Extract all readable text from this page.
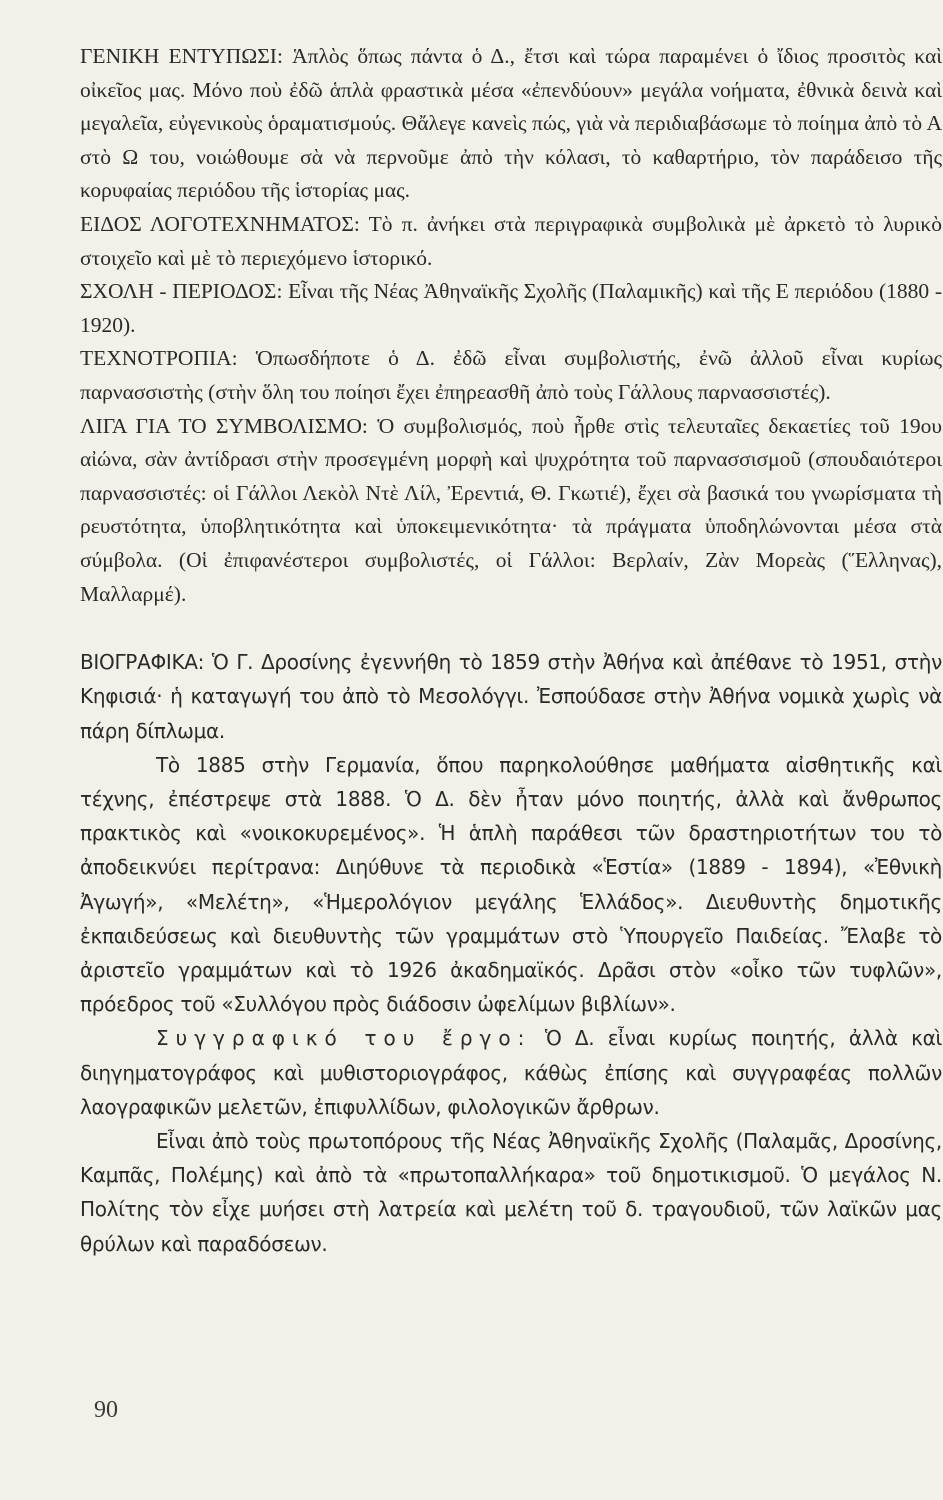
ΓΕΝΙΚΗ ΕΝΤΥΠΩΣΙ: Ἁπλὸς ὅπως πάντα ὁ Δ., ἔτσι καὶ τώρα παραμένει ὁ ἴδιος προσιτὸς καὶ οἰκεῖος μας. Μόνο ποὺ ἐδῶ ἁπλὰ φραστικὰ μέσα «ἐπενδύουν» μεγάλα νοήματα, ἐθνικὰ δεινὰ καὶ μεγαλεῖα, εὐγενικοὺς ὁραματισμούς. Θἄλεγε κανεὶς πώς, γιὰ νὰ περιδιαβάσωμε τὸ ποίημα ἀπὸ τὸ Α στὸ Ω του, νοιώθουμε σὰ νὰ περνοῦμε ἀπὸ τὴν κόλασι, τὸ καθαρτήριο, τὸν παράδεισο τῆς κορυφαίας περιόδου τῆς ἱστορίας μας.

ΕΙΔΟΣ ΛΟΓΟΤΕΧΝΗΜΑΤΟΣ: Τὸ π. ἀνήκει στὰ περιγραφικὰ συμβολικὰ μὲ ἀρκετὸ τὸ λυρικὸ στοιχεῖο καὶ μὲ τὸ περιεχόμενο ἱστορικό.

ΣΧΟΛΗ - ΠΕΡΙΟΔΟΣ: Εἶναι τῆς Νέας Ἀθηναϊκῆς Σχολῆς (Παλαμικῆς) καὶ τῆς Ε περιόδου (1880 - 1920).

ΤΕΧΝΟΤΡΟΠΙΑ: Ὁπωσδήποτε ὁ Δ. ἐδῶ εἶναι συμβολιστής, ἐνῶ ἀλλοῦ εἶναι κυρίως παρνασσιστὴς (στὴν ὅλη του ποίησι ἔχει ἐπηρεασθῆ ἀπὸ τοὺς Γάλλους παρνασσιστές).

ΛΙΓΑ ΓΙΑ ΤΟ ΣΥΜΒΟΛΙΣΜΟ: Ὁ συμβολισμός, ποὺ ἦρθε στὶς τελευταῖες δεκαετίες τοῦ 19ου αἰώνα, σὰν ἀντίδρασι στὴν προσεγμένη μορφὴ καὶ ψυχρότητα τοῦ παρνασσισμοῦ (σπουδαιότεροι παρνασσιστές: οἱ Γάλλοι Λεκὸλ Ντὲ Λίλ, Ἐρεντιά, Θ. Γκωτιέ), ἔχει σὰ βασικά του γνωρίσματα τὴ ρευστότητα, ὑποβλητικότητα καὶ ὑποκειμενικότητα· τὰ πράγματα ὑποδηλώνονται μέσα στὰ σύμβολα. (Οἱ ἐπιφανέστεροι συμβολιστές, οἱ Γάλλοι: Βερλαίν, Ζὰν Μορεὰς (Ἕλληνας), Μαλλαρμέ).

ΒΙΟΓΡΑΦΙΚΑ: Ὁ Γ. Δροσίνης ἐγεννήθη τὸ 1859 στὴν Ἀθήνα καὶ ἀπέθανε τὸ 1951, στὴν Κηφισιά· ἡ καταγωγή του ἀπὸ τὸ Μεσολόγγι. Ἐσπούδασε στὴν Ἀθήνα νομικὰ χωρὶς νὰ πάρη δίπλωμα.

Τὸ 1885 στὴν Γερμανία, ὅπου παρηκολούθησε μαθήματα αἰσθητικῆς καὶ τέχνης, ἐπέστρεψε στὰ 1888. Ὁ Δ. δὲν ἦταν μόνο ποιητής, ἀλλὰ καὶ ἄνθρωπος πρακτικὸς καὶ «νοικοκυρεμένος». Ἡ ἁπλὴ παράθεσι τῶν δραστηριοτήτων του τὸ ἀποδεικνύει περίτρανα: Διηύθυνε τὰ περιοδικὰ «Ἑστία» (1889 - 1894), «Ἐθνικὴ Ἀγωγή», «Μελέτη», «Ἡμερολόγιον μεγάλης Ἑλλάδος». Διευθυντὴς δημοτικῆς ἐκπαιδεύσεως καὶ διευθυντὴς τῶν γραμμάτων στὸ Ὑπουργεῖο Παιδείας. Ἔλαβε τὸ ἀριστεῖο γραμμάτων καὶ τὸ 1926 ἀκαδημαϊκός. Δρᾶσι στὸν «οἶκο τῶν τυφλῶν», πρόεδρος τοῦ «Συλλόγου πρὸς διάδοσιν ὠφελίμων βιβλίων».

Συγγραφικό του ἔργο: Ὁ Δ. εἶναι κυρίως ποιητής, ἀλλὰ καὶ διηγηματογράφος καὶ μυθιστοριογράφος, κάθὼς ἐπίσης καὶ συγγραφέας πολλῶν λαογραφικῶν μελετῶν, ἐπιφυλλίδων, φιλολογικῶν ἄρθρων.

Εἶναι ἀπὸ τοὺς πρωτοπόρους τῆς Νέας Ἀθηναϊκῆς Σχολῆς (Παλαμᾶς, Δροσίνης, Καμπᾶς, Πολέμης) καὶ ἀπὸ τὰ «πρωτοπαλλήκαρα» τοῦ δημοτικισμοῦ. Ὁ μεγάλος Ν. Πολίτης τὸν εἶχε μυήσει στὴ λατρεία καὶ μελέτη τοῦ δ. τραγουδιοῦ, τῶν λαϊκῶν μας θρύλων καὶ παραδόσεων.

90
